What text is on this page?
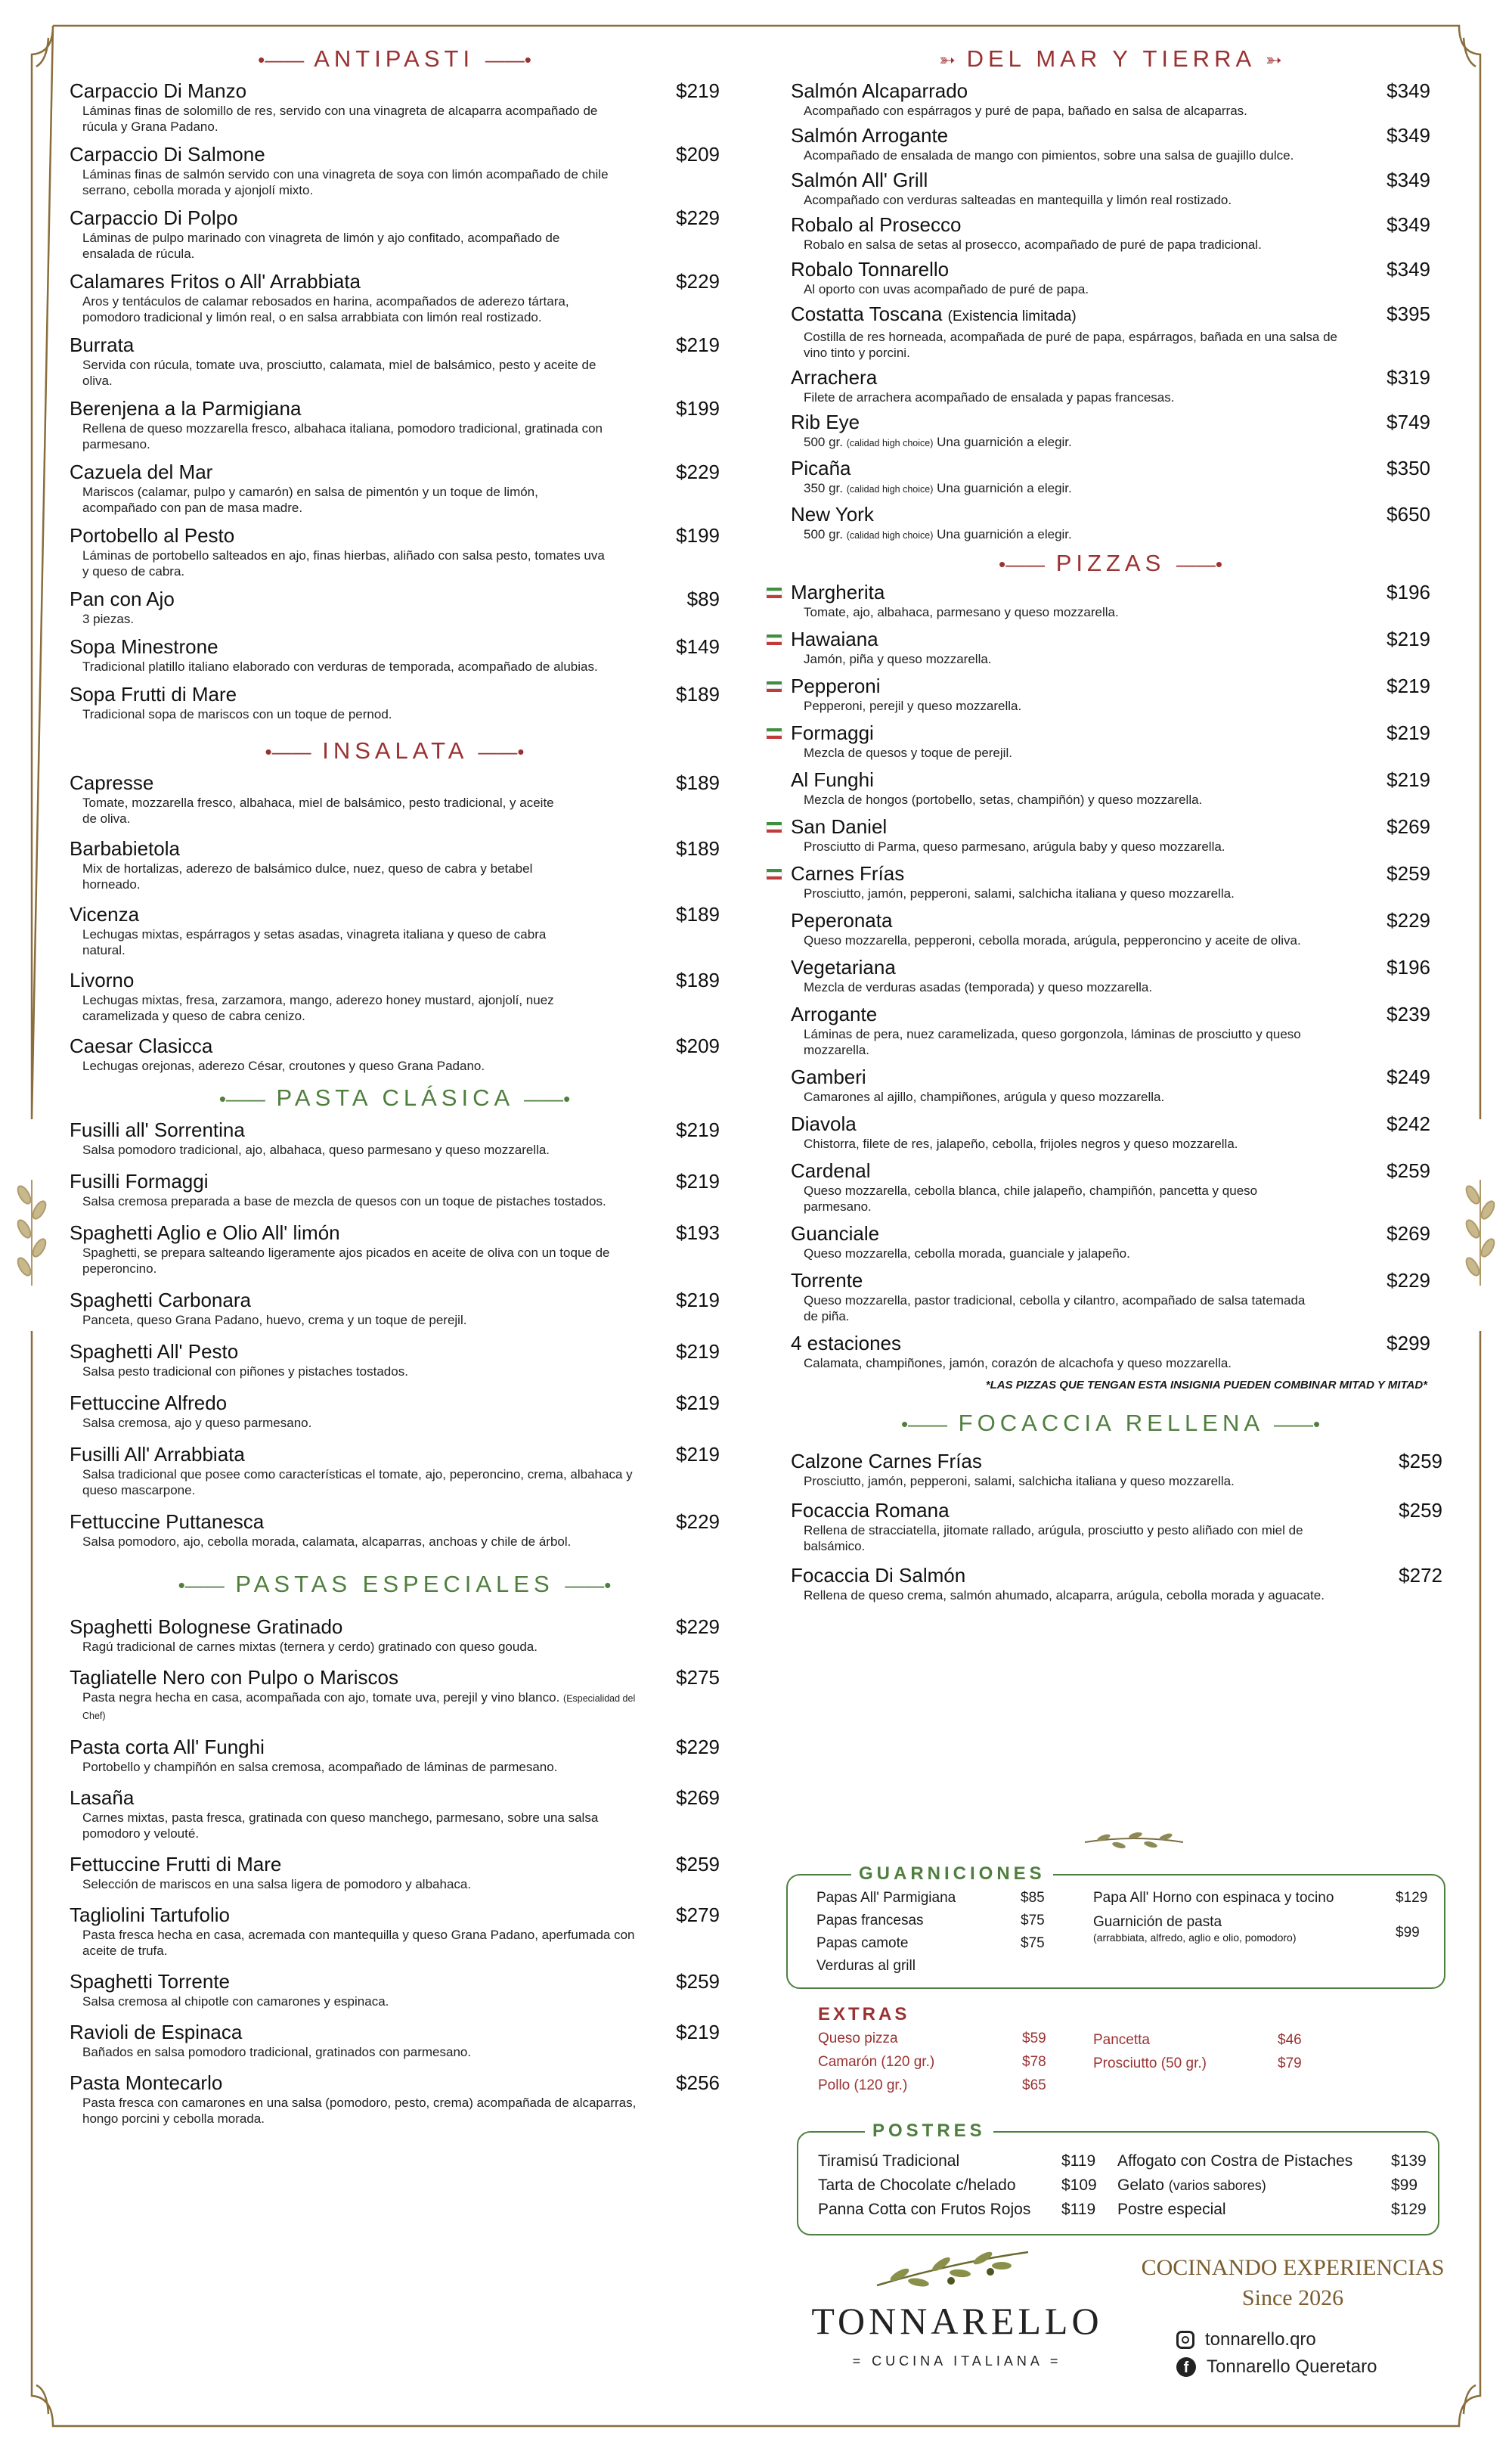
•—— ANTIPASTI ——•
Carpaccio Di Manzo	$219
Láminas finas de solomillo de res, servido con una vinagreta de alcaparra acompañado de rúcula y Grana Padano.
Carpaccio Di Salmone	$209
Láminas finas de salmón servido con una vinagreta de soya con limón acompañado de chile serrano, cebolla morada y ajonjolí mixto.
Carpaccio Di Polpo	$229
Láminas de pulpo marinado con vinagreta de limón y ajo confitado, acompañado de ensalada de rúcula.
Calamares Fritos o All' Arrabbiata	$229
Aros y tentáculos de calamar rebosados en harina, acompañados de aderezo tártara, pomodoro tradicional y limón real, o en salsa arrabbiata con limón real rostizado.
Burrata	$219
Servida con rúcula, tomate uva, prosciutto, calamata, miel de balsámico, pesto y aceite de oliva.
Berenjena a la Parmigiana	$199
Rellena de queso mozzarella fresco, albahaca italiana, pomodoro tradicional, gratinada con parmesano.
Cazuela del Mar	$229
Mariscos (calamar, pulpo y camarón) en salsa de pimentón y un toque de limón, acompañado con pan de masa madre.
Portobello al Pesto	$199
Láminas de portobello salteados en ajo, finas hierbas, aliñado con salsa pesto, tomates uva y queso de cabra.
Pan con Ajo	$89
3 piezas.
Sopa Minestrone	$149
Tradicional platillo italiano elaborado con verduras de temporada, acompañado de alubias.
Sopa Frutti di Mare	$189
Tradicional sopa de mariscos con un toque de pernod.
•—— INSALATA ——•
Capresse	$189
Tomate, mozzarella fresco, albahaca, miel de balsámico, pesto tradicional, y aceite de oliva.
Barbabietola	$189
Mix de hortalizas, aderezo de balsámico dulce, nuez, queso de cabra y betabel horneado.
Vicenza	$189
Lechugas mixtas, espárragos y setas asadas, vinagreta italiana y queso de cabra natural.
Livorno	$189
Lechugas mixtas, fresa, zarzamora, mango, aderezo honey mustard, ajonjolí, nuez caramelizada y queso de cabra cenizo.
Caesar Clasicca	$209
Lechugas orejonas, aderezo César, croutones y queso Grana Padano.
•—— PASTA CLÁSICA ——•
Fusilli all' Sorrentina	$219
Salsa pomodoro tradicional, ajo, albahaca, queso parmesano y queso mozzarella.
Fusilli Formaggi	$219
Salsa cremosa preparada a base de mezcla de quesos con un toque de pistaches tostados.
Spaghetti Aglio e Olio All' limón	$193
Spaghetti, se prepara salteando ligeramente ajos picados en aceite de oliva con un toque de peperoncino.
Spaghetti Carbonara	$219
Panceta, queso Grana Padano, huevo, crema y un toque de perejil.
Spaghetti All' Pesto	$219
Salsa pesto tradicional con piñones y pistaches tostados.
Fettuccine Alfredo	$219
Salsa cremosa, ajo y queso parmesano.
Fusilli All' Arrabbiata	$219
Salsa tradicional que posee como características el tomate, ajo, peperoncino, crema, albahaca y queso mascarpone.
Fettuccine Puttanesca	$229
Salsa pomodoro, ajo, cebolla morada, calamata, alcaparras, anchoas y chile de árbol.
•—— PASTAS ESPECIALES ——•
Spaghetti Bolognese Gratinado	$229
Ragú tradicional de carnes mixtas (ternera y cerdo) gratinado con queso gouda.
Tagliatelle Nero con Pulpo o Mariscos	$275
Pasta negra hecha en casa, acompañada con ajo, tomate uva, perejil y vino blanco. (Especialidad del Chef)
Pasta corta All' Funghi	$229
Portobello y champiñón en salsa cremosa, acompañado de láminas de parmesano.
Lasaña	$269
Carnes mixtas, pasta fresca, gratinada con queso manchego, parmesano, sobre una salsa pomodoro y velouté.
Fettuccine Frutti di Mare	$259
Selección de mariscos en una salsa ligera de pomodoro y albahaca.
Tagliolini Tartufolio	$279
Pasta fresca hecha en casa, acremada con mantequilla y queso Grana Padano, aperfumada con aceite de trufa.
Spaghetti Torrente	$259
Salsa cremosa al chipotle con camarones y espinaca.
Ravioli de Espinaca	$219
Bañados en salsa pomodoro tradicional, gratinados con parmesano.
Pasta Montecarlo	$256
Pasta fresca con camarones en una salsa (pomodoro, pesto, crema) acompañada de alcaparras, hongo porcini y cebolla morada.
➳ DEL MAR Y TIERRA ➳
Salmón Alcaparrado	$349
Acompañado con espárragos y puré de papa, bañado en salsa de alcaparras.
Salmón Arrogante	$349
Acompañado de ensalada de mango con pimientos, sobre una salsa de guajillo dulce.
Salmón All' Grill	$349
Acompañado con verduras salteadas en mantequilla y limón real rostizado.
Robalo al Prosecco	$349
Robalo en salsa de setas al prosecco, acompañado de puré de papa tradicional.
Robalo Tonnarello	$349
Al oporto con uvas acompañado de puré de papa.
Costatta Toscana (Existencia limitada)	$395
Costilla de res horneada, acompañada de puré de papa, espárragos, bañada en una salsa de vino tinto y porcini.
Arrachera	$319
Filete de arrachera acompañado de ensalada y papas francesas.
Rib Eye	$749
500 gr. (calidad high choice) Una guarnición a elegir.
Picaña	$350
350 gr. (calidad high choice) Una guarnición a elegir.
New York	$650
500 gr. (calidad high choice) Una guarnición a elegir.
•—— PIZZAS ——•
Margherita	$196
Tomate, ajo, albahaca, parmesano y queso mozzarella.
Hawaiana	$219
Jamón, piña y queso mozzarella.
Pepperoni	$219
Pepperoni, perejil y queso mozzarella.
Formaggi	$219
Mezcla de quesos y toque de perejil.
Al Funghi	$219
Mezcla de hongos (portobello, setas, champiñón) y queso mozzarella.
San Daniel	$269
Prosciutto di Parma, queso parmesano, arúgula baby y queso mozzarella.
Carnes Frías	$259
Prosciutto, jamón, pepperoni, salami, salchicha italiana y queso mozzarella.
Peperonata	$229
Queso mozzarella, pepperoni, cebolla morada, arúgula, pepperoncino y aceite de oliva.
Vegetariana	$196
Mezcla de verduras asadas (temporada) y queso mozzarella.
Arrogante	$239
Láminas de pera, nuez caramelizada, queso gorgonzola, láminas de prosciutto y queso mozzarella.
Gamberi	$249
Camarones al ajillo, champiñones, arúgula y queso mozzarella.
Diavola	$242
Chistorra, filete de res, jalapeño, cebolla, frijoles negros y queso mozzarella.
Cardenal	$259
Queso mozzarella, cebolla blanca, chile jalapeño, champiñón, pancetta y queso parmesano.
Guanciale	$269
Queso mozzarella, cebolla morada, guanciale y jalapeño.
Torrente	$229
Queso mozzarella, pastor tradicional, cebolla y cilantro, acompañado de salsa tatemada de piña.
4 estaciones	$299
Calamata, champiñones, jamón, corazón de alcachofa y queso mozzarella.
*LAS PIZZAS QUE TENGAN ESTA INSIGNIA PUEDEN COMBINAR MITAD Y MITAD*
•—— FOCACCIA RELLENA ——•
Calzone Carnes Frías	$259
Prosciutto, jamón, pepperoni, salami, salchicha italiana y queso mozzarella.
Focaccia Romana	$259
Rellena de stracciatella, jitomate rallado, arúgula, prosciutto y pesto aliñado con miel de balsámico.
Focaccia Di Salmón	$272
Rellena de queso crema, salmón ahumado, alcaparra, arúgula, cebolla morada y aguacate.
GUARNICIONES
Papas All' Parmigiana	$85
Papas francesas	$75
Papas camote	$75
Verduras al grill
Papa All' Horno con espinaca y tocino	$129
Guarnición de pasta
(arrabbiata, alfredo, aglio e olio, pomodoro)	$99
EXTRAS
Queso pizza	$59
Camarón (120 gr.)	$78
Pollo (120 gr.)	$65
Pancetta	$46
Prosciutto (50 gr.)	$79
POSTRES
Tiramisú Tradicional	$119
Tarta de Chocolate c/helado	$109
Panna Cotta con Frutos Rojos $119
Affogato con Costra de Pistaches $139
Gelato (varios sabores)	$99
Postre especial	$129
TONNARELLO
= CUCINA ITALIANA =
COCINANDO EXPERIENCIAS
Since 2026
tonnarello.qro
f Tonnarello Queretaro
